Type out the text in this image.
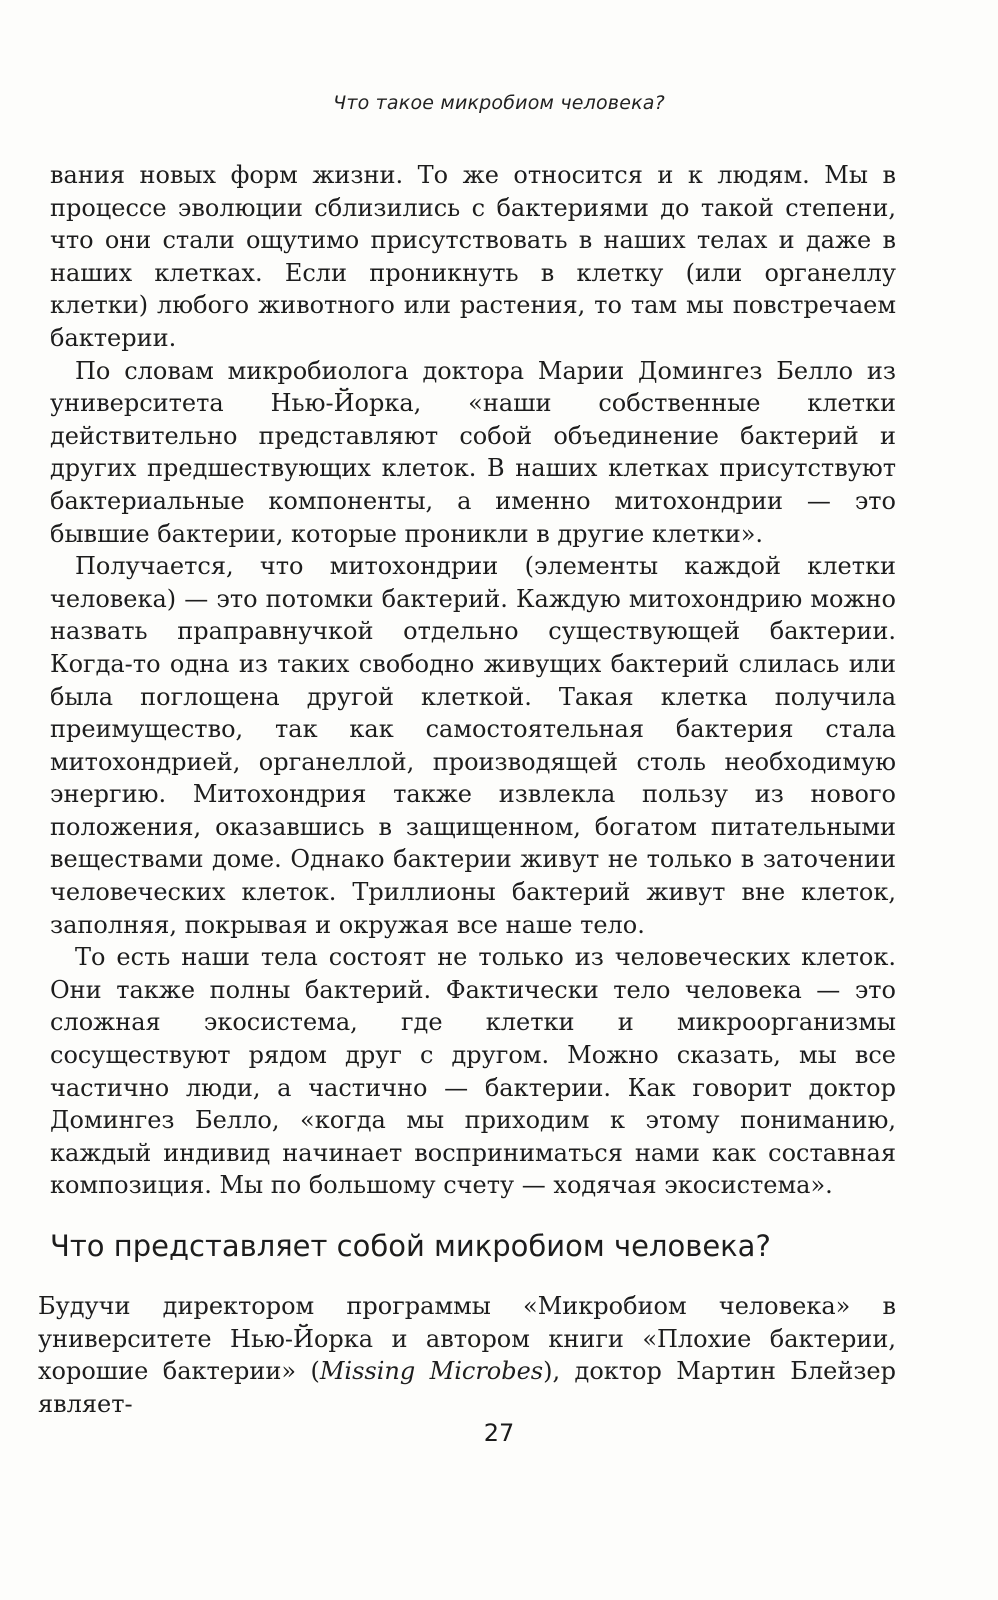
Что такое микробиом человека?

вания новых форм жизни. То же относится и к людям. Мы в процессе эволюции сблизились с бактериями до такой степени, что они стали ощутимо присутствовать в наших телах и даже в наших клетках. Если проникнуть в клетку (или органеллу клетки) любого животного или растения, то там мы повстречаем бактерии.

По словам микробиолога доктора Марии Домингез Белло из университета Нью-Йорка, «наши собственные клетки действительно представляют собой объединение бактерий и других предшествующих клеток. В наших клетках присутствуют бактериальные компоненты, а именно митохондрии — это бывшие бактерии, которые проникли в другие клетки».

Получается, что митохондрии (элементы каждой клетки человека) — это потомки бактерий. Каждую митохондрию можно назвать праправнучкой отдельно существующей бактерии. Когда-то одна из таких свободно живущих бактерий слилась или была поглощена другой клеткой. Такая клетка получила преимущество, так как самостоятельная бактерия стала митохондрией, органеллой, производящей столь необходимую энергию. Митохондрия также извлекла пользу из нового положения, оказавшись в защищенном, богатом питательными веществами доме. Однако бактерии живут не только в заточении человеческих клеток. Триллионы бактерий живут вне клеток, заполняя, покрывая и окружая все наше тело.

То есть наши тела состоят не только из человеческих клеток. Они также полны бактерий. Фактически тело человека — это сложная экосистема, где клетки и микроорганизмы сосуществуют рядом друг с другом. Можно сказать, мы все частично люди, а частично — бактерии. Как говорит доктор Домингез Белло, «когда мы приходим к этому пониманию, каждый индивид начинает восприниматься нами как составная композиция. Мы по большому счету — ходячая экосистема».

Что представляет собой микробиом человека?

Будучи директором программы «Микробиом человека» в университете Нью-Йорка и автором книги «Плохие бактерии, хорошие бактерии» (Missing Microbes), доктор Мартин Блейзер являет-

27
